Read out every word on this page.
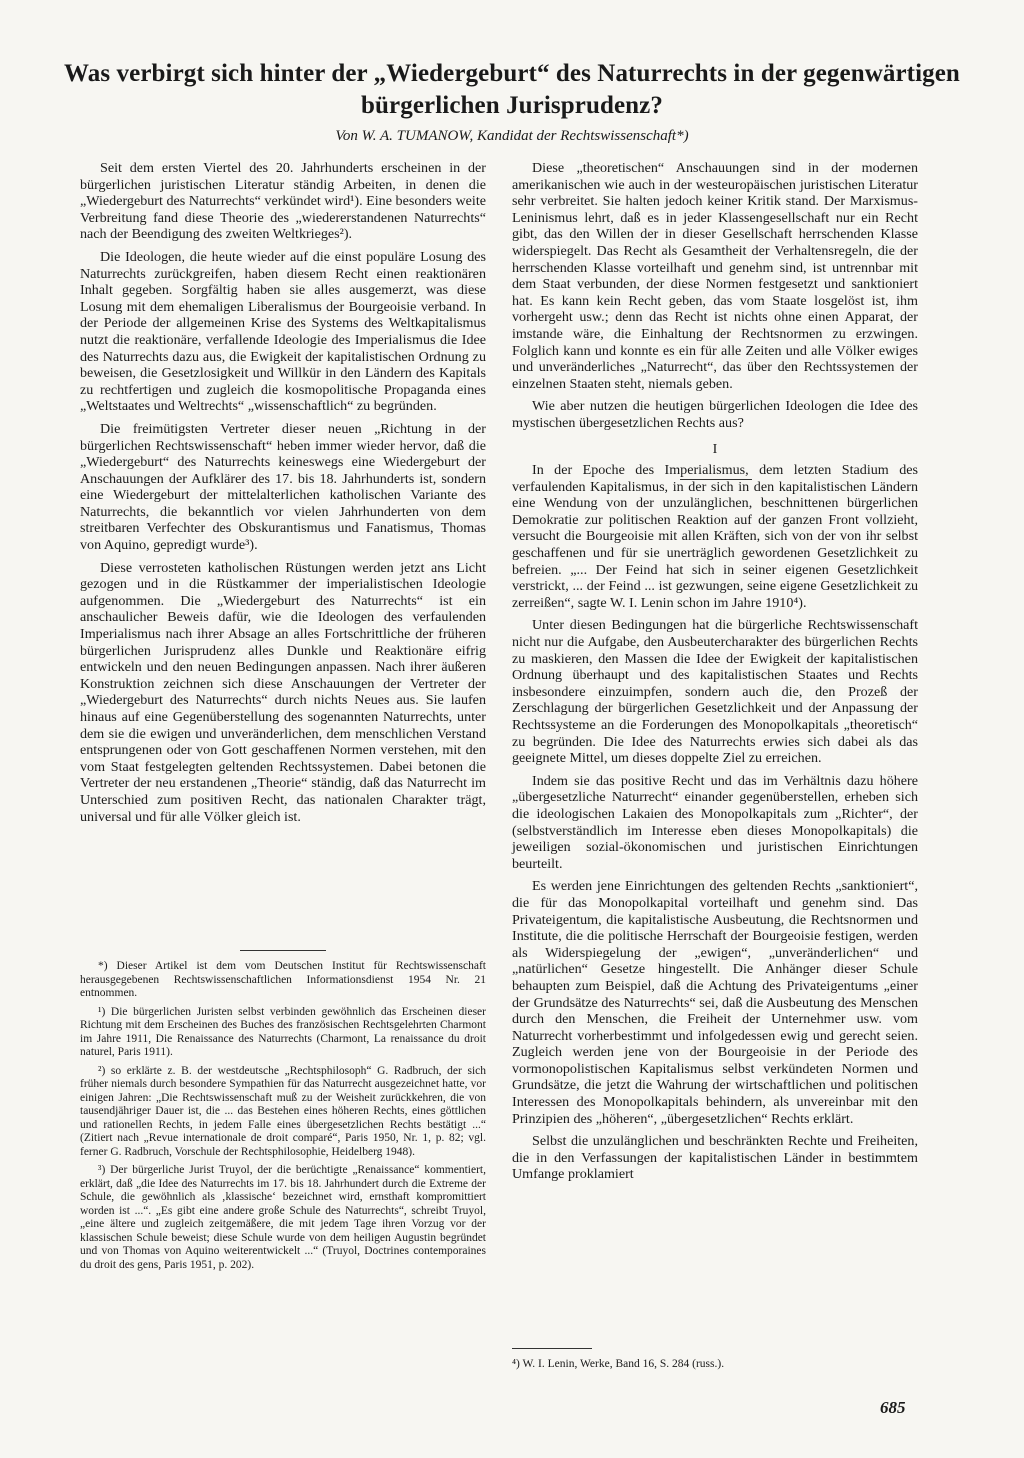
Was verbirgt sich hinter der „Wiedergeburt“ des Naturrechts in der gegenwärtigen bürgerlichen Jurisprudenz?
Von W. A. TUMANOW, Kandidat der Rechtswissenschaft*)

Seit dem ersten Viertel des 20. Jahrhunderts erscheinen in der bürgerlichen juristischen Literatur ständig Arbeiten, in denen die „Wiedergeburt des Naturrechts“ verkündet wird¹). Eine besonders weite Verbreitung fand diese Theorie des „wiedererstandenen Naturrechts“ nach der Beendigung des zweiten Weltkrieges²).

Die Ideologen, die heute wieder auf die einst populäre Losung des Naturrechts zurückgreifen, haben diesem Recht einen reaktionären Inhalt gegeben. Sorgfältig haben sie alles ausgemerzt, was diese Losung mit dem ehemaligen Liberalismus der Bourgeoisie verband. In der Periode der allgemeinen Krise des Systems des Weltkapitalismus nutzt die reaktionäre, verfallende Ideologie des Imperialismus die Idee des Naturrechts dazu aus, die Ewigkeit der kapitalistischen Ordnung zu beweisen, die Gesetzlosigkeit und Willkür in den Ländern des Kapitals zu rechtfertigen und zugleich die kosmopolitische Propaganda eines „Weltstaates und Weltrechts“ „wissenschaftlich“ zu begründen.

Die freimütigsten Vertreter dieser neuen „Richtung in der bürgerlichen Rechtswissenschaft“ heben immer wieder hervor, daß die „Wiedergeburt“ des Naturrechts keineswegs eine Wiedergeburt der Anschauungen der Aufklärer des 17. bis 18. Jahrhunderts ist, sondern eine Wiedergeburt der mittelalterlichen katholischen Variante des Naturrechts, die bekanntlich vor vielen Jahrhunderten von dem streitbaren Verfechter des Obskurantismus und Fanatismus, Thomas von Aquino, gepredigt wurde³).

Diese verrosteten katholischen Rüstungen werden jetzt ans Licht gezogen und in die Rüstkammer der imperialistischen Ideologie aufgenommen. Die „Wiedergeburt des Naturrechts“ ist ein anschaulicher Beweis dafür, wie die Ideologen des verfaulenden Imperialismus nach ihrer Absage an alles Fortschrittliche der früheren bürgerlichen Jurisprudenz alles Dunkle und Reaktionäre eifrig entwickeln und den neuen Bedingungen anpassen. Nach ihrer äußeren Konstruktion zeichnen sich diese Anschauungen der Vertreter der „Wiedergeburt des Naturrechts“ durch nichts Neues aus. Sie laufen hinaus auf eine Gegenüberstellung des sogenannten Naturrechts, unter dem sie die ewigen und unveränderlichen, dem menschlichen Verstand entsprungenen oder von Gott geschaffenen Normen verstehen, mit den vom Staat festgelegten geltenden Rechtssystemen. Dabei betonen die Vertreter der neu erstandenen „Theorie“ ständig, daß das Naturrecht im Unterschied zum positiven Recht, das nationalen Charakter trägt, universal und für alle Völker gleich ist.

*) Dieser Artikel ist dem vom Deutschen Institut für Rechtswissenschaft herausgegebenen Rechtswissenschaftlichen Informationsdienst 1954 Nr. 21 entnommen.

¹) Die bürgerlichen Juristen selbst verbinden gewöhnlich das Erscheinen dieser Richtung mit dem Erscheinen des Buches des französischen Rechtsgelehrten Charmont im Jahre 1911, Die Renaissance des Naturrechts (Charmont, La renaissance du droit naturel, Paris 1911).

²) so erklärte z. B. der westdeutsche „Rechtsphilosoph“ G. Radbruch, der sich früher niemals durch besondere Sympathien für das Naturrecht ausgezeichnet hatte, vor einigen Jahren: „Die Rechtswissenschaft muß zu der Weisheit zurückkehren, die von tausendjähriger Dauer ist, die ... das Bestehen eines höheren Rechts, eines göttlichen und rationellen Rechts, in jedem Falle eines übergesetzlichen Rechts bestätigt ...“ (Zitiert nach „Revue internationale de droit comparé“, Paris 1950, Nr. 1, p. 82; vgl. ferner G. Radbruch, Vorschule der Rechtsphilosophie, Heidelberg 1948).

³) Der bürgerliche Jurist Truyol, der die berüchtigte „Renaissance“ kommentiert, erklärt, daß „die Idee des Naturrechts im 17. bis 18. Jahrhundert durch die Extreme der Schule, die gewöhnlich als ‚klassische‘ bezeichnet wird, ernsthaft kompromittiert worden ist ...“. „Es gibt eine andere große Schule des Naturrechts“, schreibt Truyol, „eine ältere und zugleich zeitgemäßere, die mit jedem Tage ihren Vorzug vor der klassischen Schule beweist; diese Schule wurde von dem heiligen Augustin begründet und von Thomas von Aquino weiterentwickelt ...“ (Truyol, Doctrines contemporaines du droit des gens, Paris 1951, p. 202).

Diese „theoretischen“ Anschauungen sind in der modernen amerikanischen wie auch in der westeuropäischen juristischen Literatur sehr verbreitet. Sie halten jedoch keiner Kritik stand. Der Marxismus-Leninismus lehrt, daß es in jeder Klassengesellschaft nur ein Recht gibt, das den Willen der in dieser Gesellschaft herrschenden Klasse widerspiegelt. Das Recht als Gesamtheit der Verhaltensregeln, die der herrschenden Klasse vorteilhaft und genehm sind, ist untrennbar mit dem Staat verbunden, der diese Normen festgesetzt und sanktioniert hat. Es kann kein Recht geben, das vom Staate losgelöst ist, ihm vorhergeht usw.; denn das Recht ist nichts ohne einen Apparat, der imstande wäre, die Einhaltung der Rechtsnormen zu erzwingen. Folglich kann und konnte es ein für alle Zeiten und alle Völker ewiges und unveränderliches „Naturrecht“, das über den Rechtssystemen der einzelnen Staaten steht, niemals geben.

Wie aber nutzen die heutigen bürgerlichen Ideologen die Idee des mystischen übergesetzlichen Rechts aus?

I

In der Epoche des Imperialismus, dem letzten Stadium des verfaulenden Kapitalismus, in der sich in den kapitalistischen Ländern eine Wendung von der unzulänglichen, beschnittenen bürgerlichen Demokratie zur politischen Reaktion auf der ganzen Front vollzieht, versucht die Bourgeoisie mit allen Kräften, sich von der von ihr selbst geschaffenen und für sie unerträglich gewordenen Gesetzlichkeit zu befreien. „... Der Feind hat sich in seiner eigenen Gesetzlichkeit verstrickt, ... der Feind ... ist gezwungen, seine eigene Gesetzlichkeit zu zerreißen“, sagte W. I. Lenin schon im Jahre 1910⁴).

Unter diesen Bedingungen hat die bürgerliche Rechtswissenschaft nicht nur die Aufgabe, den Ausbeutercharakter des bürgerlichen Rechts zu maskieren, den Massen die Idee der Ewigkeit der kapitalistischen Ordnung überhaupt und des kapitalistischen Staates und Rechts insbesondere einzuimpfen, sondern auch die, den Prozeß der Zerschlagung der bürgerlichen Gesetzlichkeit und der Anpassung der Rechtssysteme an die Forderungen des Monopolkapitals „theoretisch“ zu begründen. Die Idee des Naturrechts erwies sich dabei als das geeignete Mittel, um dieses doppelte Ziel zu erreichen.

Indem sie das positive Recht und das im Verhältnis dazu höhere „übergesetzliche Naturrecht“ einander gegenüberstellen, erheben sich die ideologischen Lakaien des Monopolkapitals zum „Richter“, der (selbstverständlich im Interesse eben dieses Monopolkapitals) die jeweiligen sozial-ökonomischen und juristischen Einrichtungen beurteilt.

Es werden jene Einrichtungen des geltenden Rechts „sanktioniert“, die für das Monopolkapital vorteilhaft und genehm sind. Das Privateigentum, die kapitalistische Ausbeutung, die Rechtsnormen und Institute, die die politische Herrschaft der Bourgeoisie festigen, werden als Widerspiegelung der „ewigen“, „unveränderlichen“ und „natürlichen“ Gesetze hingestellt. Die Anhänger dieser Schule behaupten zum Beispiel, daß die Achtung des Privateigentums „einer der Grundsätze des Naturrechts“ sei, daß die Ausbeutung des Menschen durch den Menschen, die Freiheit der Unternehmer usw. vom Naturrecht vorherbestimmt und infolgedessen ewig und gerecht seien. Zugleich werden jene von der Bourgeoisie in der Periode des vormonopolistischen Kapitalismus selbst verkündeten Normen und Grundsätze, die jetzt die Wahrung der wirtschaftlichen und politischen Interessen des Monopolkapitals behindern, als unvereinbar mit den Prinzipien des „höheren“, „übergesetzlichen“ Rechts erklärt.

Selbst die unzulänglichen und beschränkten Rechte und Freiheiten, die in den Verfassungen der kapitalistischen Länder in bestimmtem Umfange proklamiert

⁴) W. I. Lenin, Werke, Band 16, S. 284 (russ.).
685
